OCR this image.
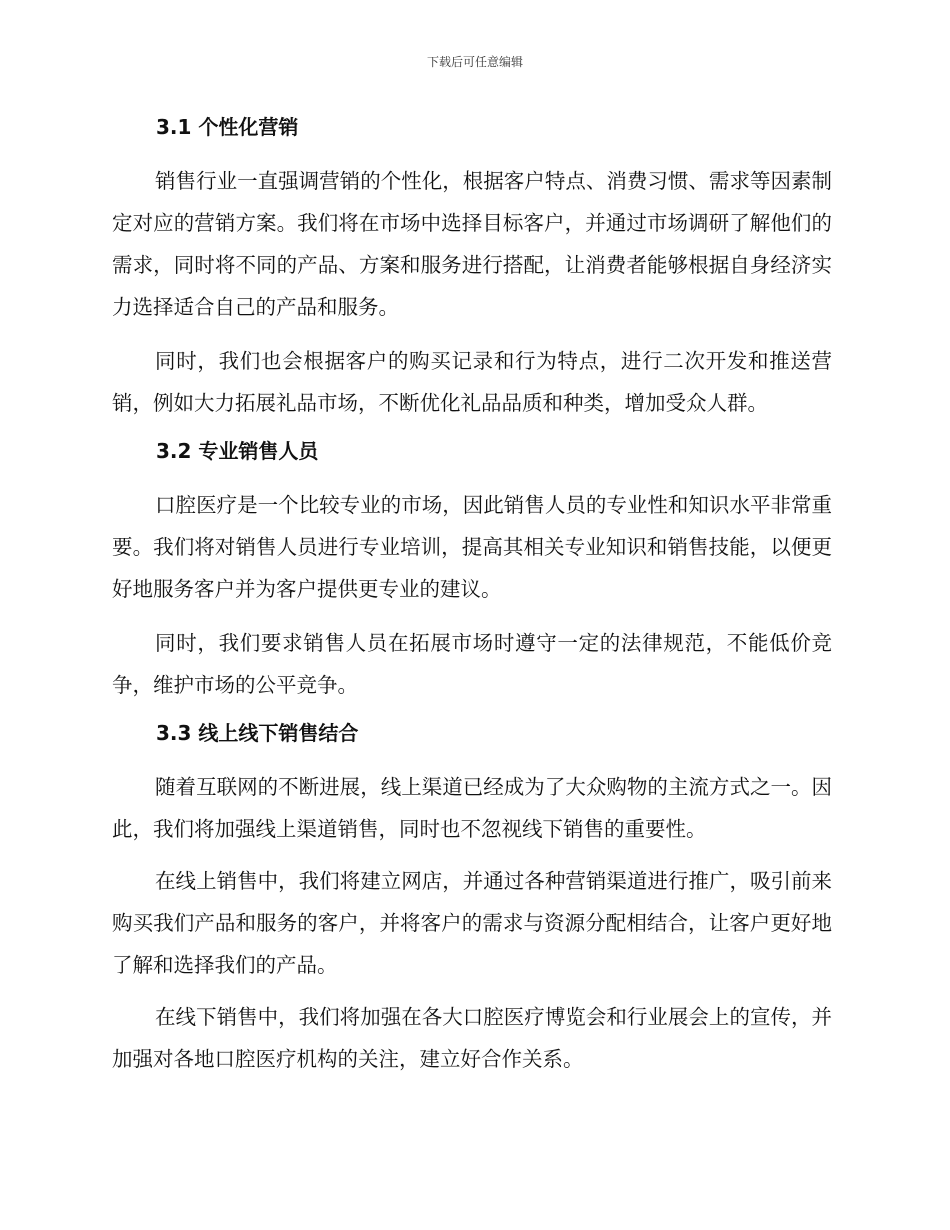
下载后可任意编辑
3.1 个性化营销

销售行业一直强调营销的个性化，根据客户特点、消费习惯、需求等因素制定对应的营销方案。我们将在市场中选择目标客户，并通过市场调研了解他们的需求，同时将不同的产品、方案和服务进行搭配，让消费者能够根据自身经济实力选择适合自己的产品和服务。

同时，我们也会根据客户的购买记录和行为特点，进行二次开发和推送营销，例如大力拓展礼品市场，不断优化礼品品质和种类，增加受众人群。

3.2 专业销售人员

口腔医疗是一个比较专业的市场，因此销售人员的专业性和知识水平非常重要。我们将对销售人员进行专业培训，提高其相关专业知识和销售技能，以便更好地服务客户并为客户提供更专业的建议。

同时，我们要求销售人员在拓展市场时遵守一定的法律规范，不能低价竞争，维护市场的公平竞争。

3.3 线上线下销售结合

随着互联网的不断进展，线上渠道已经成为了大众购物的主流方式之一。因此，我们将加强线上渠道销售，同时也不忽视线下销售的重要性。

在线上销售中，我们将建立网店，并通过各种营销渠道进行推广，吸引前来购买我们产品和服务的客户，并将客户的需求与资源分配相结合，让客户更好地了解和选择我们的产品。

在线下销售中，我们将加强在各大口腔医疗博览会和行业展会上的宣传，并加强对各地口腔医疗机构的关注，建立好合作关系。
